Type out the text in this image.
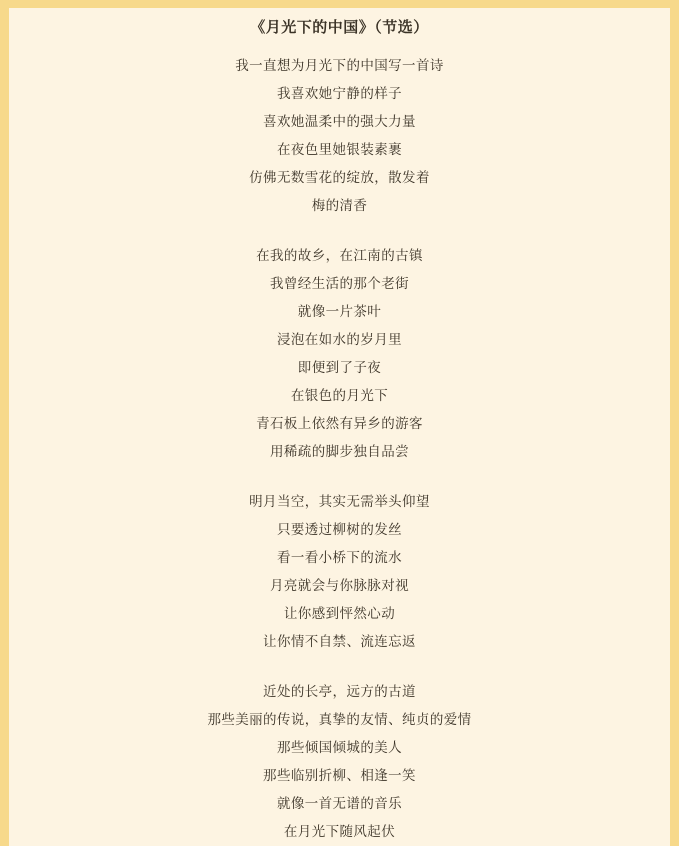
《月光下的中国》（节选）
我一直想为月光下的中国写一首诗
我喜欢她宁静的样子
喜欢她温柔中的强大力量
在夜色里她银装素裹
仿佛无数雪花的绽放，散发着
梅的清香
在我的故乡，在江南的古镇
我曾经生活的那个老街
就像一片茶叶
浸泡在如水的岁月里
即便到了子夜
在银色的月光下
青石板上依然有异乡的游客
用稀疏的脚步独自品尝
明月当空，其实无需举头仰望
只要透过柳树的发丝
看一看小桥下的流水
月亮就会与你脉脉对视
让你感到怦然心动
让你情不自禁、流连忘返
近处的长亭，远方的古道
那些美丽的传说，真挚的友情、纯贞的爱情
那些倾国倾城的美人
那些临别折柳、相逢一笑
就像一首无谱的音乐
在月光下随风起伏
